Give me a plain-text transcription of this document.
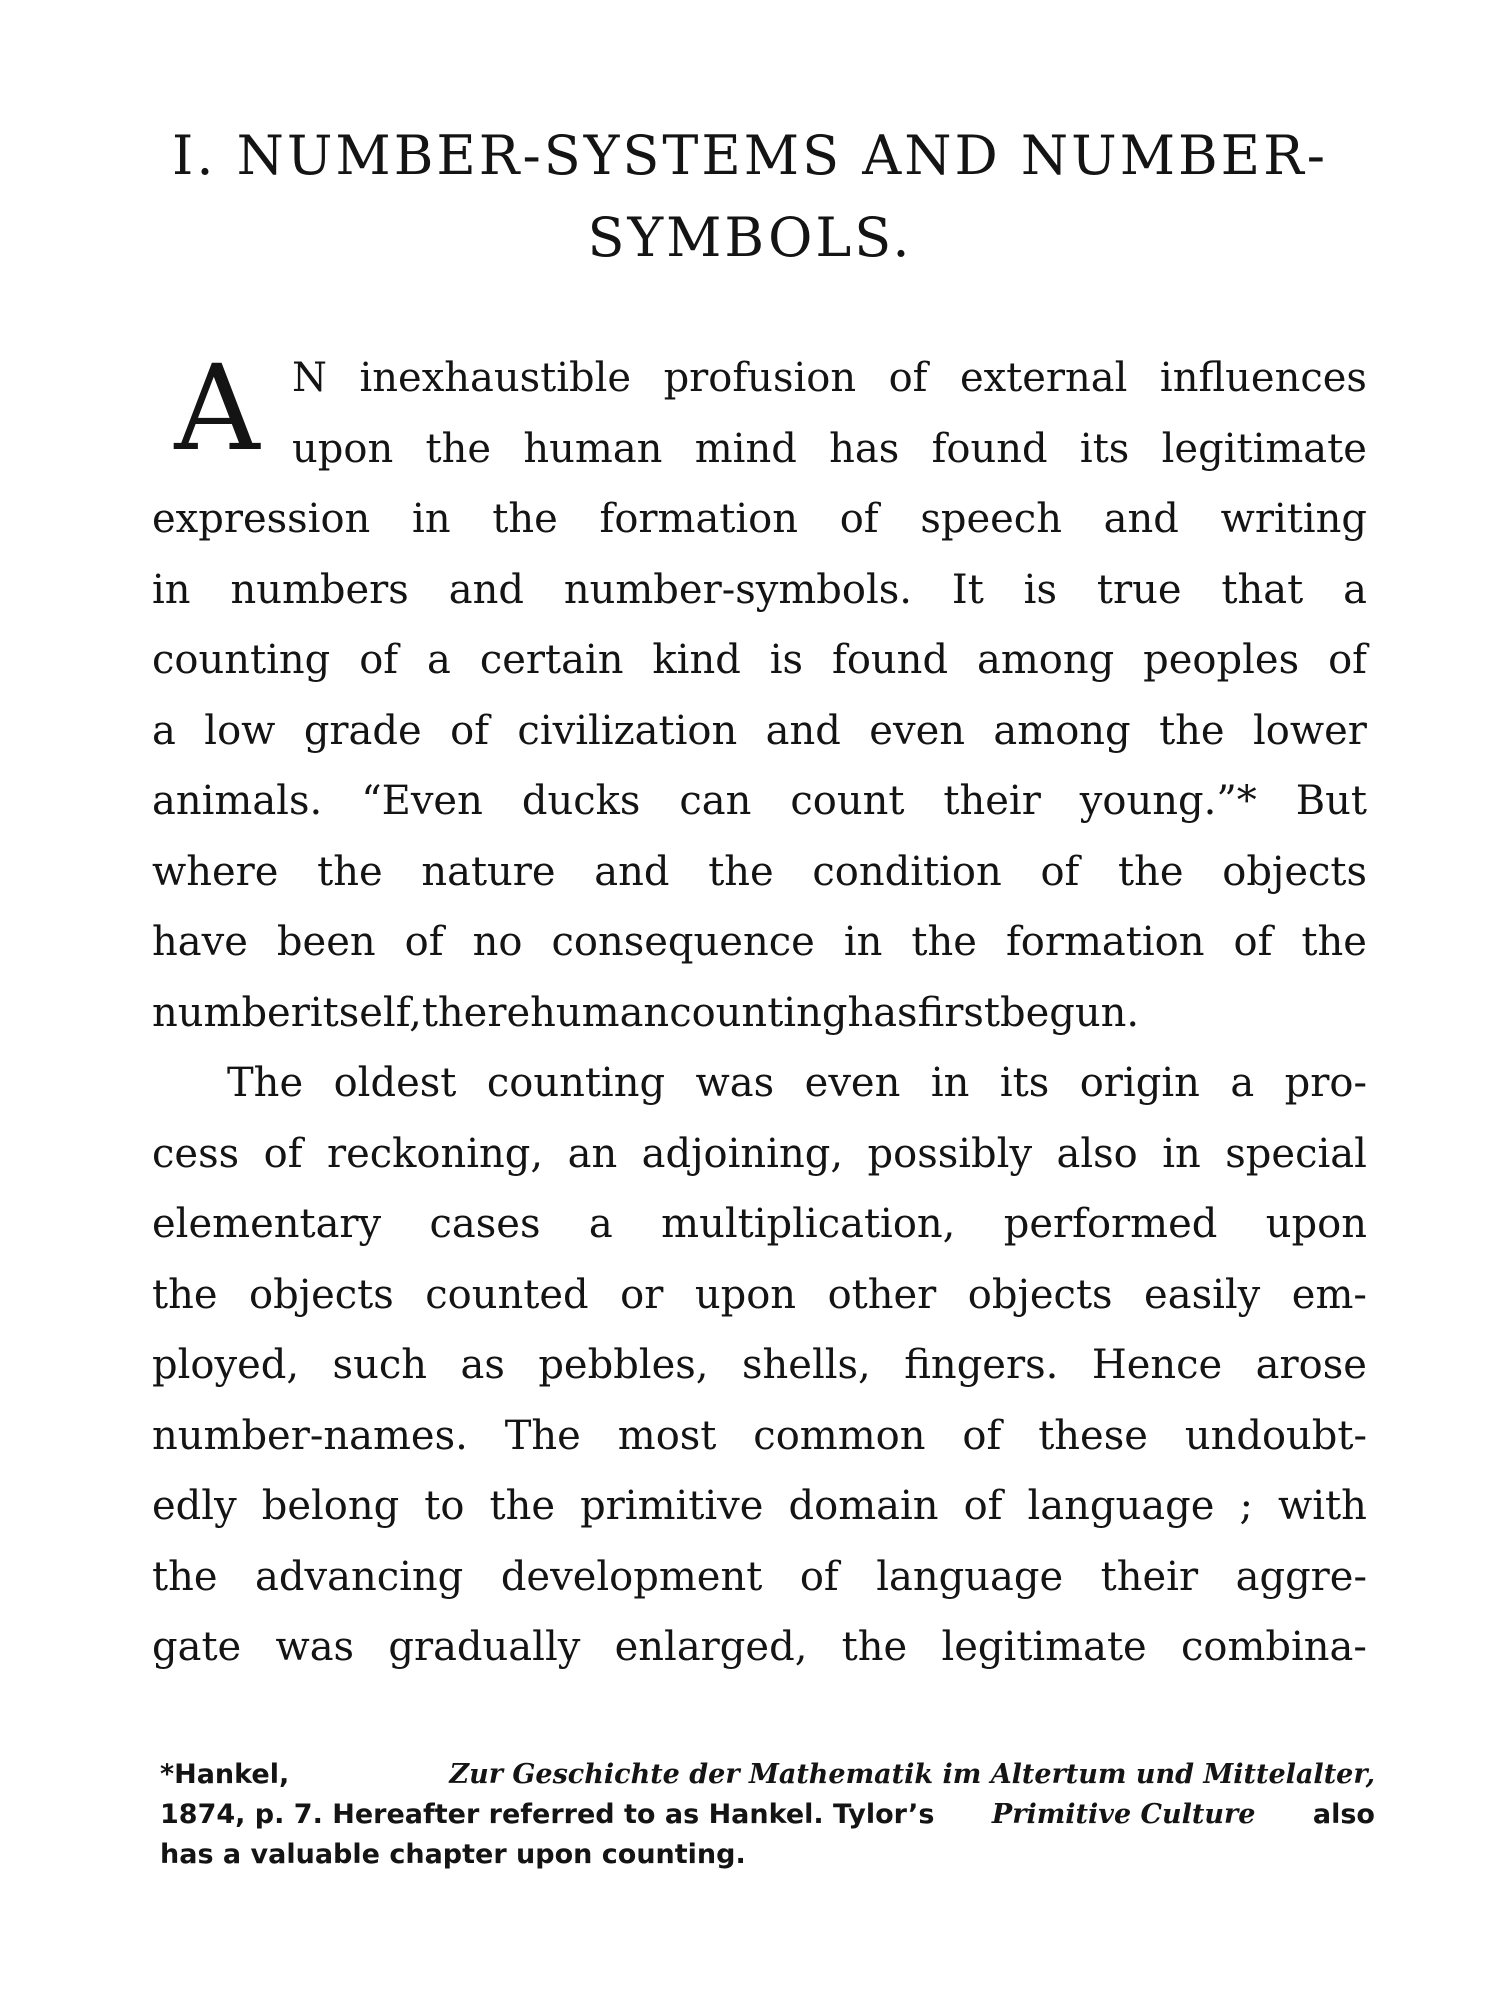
I. NUMBER-SYSTEMS AND NUMBER-
SYMBOLS.
A N inexhaustible profusion of external influences
upon the human mind has found its legitimate
expression in the formation of speech and writing
in numbers and number-symbols. It is true that a
counting of a certain kind is found among peoples of
a low grade of civilization and even among the lower
animals. “Even ducks can count their young.”* But
where the nature and the condition of the objects
have been of no consequence in the formation of the
number itself, there human counting has first begun.
The oldest counting was even in its origin a pro-
cess of reckoning, an adjoining, possibly also in special
elementary cases a multiplication, performed upon
the objects counted or upon other objects easily em-
ployed, such as pebbles, shells, fingers. Hence arose
number-names. The most common of these undoubt-
edly belong to the primitive domain of language ; with
the advancing development of language their aggre-
gate was gradually enlarged, the legitimate combina-
*Hankel,	Zur Geschichte der Mathematik im Altertum und Mittelalter,
1874, p. 7. Hereafter referred to as Hankel. Tylor’s Primitive Culture also
has a valuable chapter upon counting.
